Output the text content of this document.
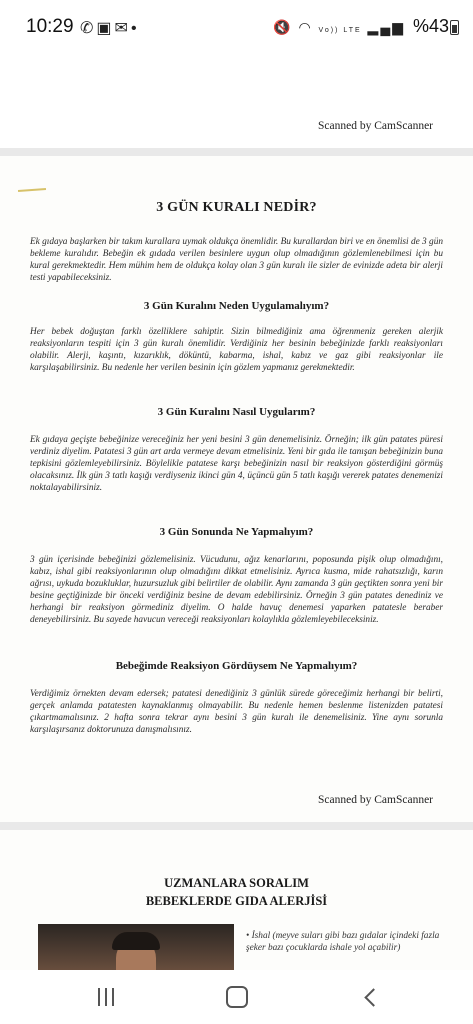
10:29 ✆▣✉•	🔇 ◠ Vo)) LTE ▂▄▆ %43
Scanned by CamScanner
3 GÜN KURALI NEDİR?
Ek gıdaya başlarken bir takım kurallara uymak oldukça önemlidir. Bu kurallardan biri ve en önemlisi de 3 gün bekleme kuralıdır. Bebeğin ek gıdada verilen besinlere uygun olup olmadığının gözlemlenebilmesi için bu kural gerekmektedir. Hem mühim hem de oldukça kolay olan 3 gün kuralı ile sizler de evinizde adeta bir alerji testi yapabileceksiniz.
3 Gün Kuralını Neden Uygulamalıyım?
Her bebek doğuştan farklı özelliklere sahiptir. Sizin bilmediğiniz ama öğrenmeniz gereken alerjik reaksiyonların tespiti için 3 gün kuralı önemlidir. Verdiğiniz her besinin bebeğinizde farklı reaksiyonları olabilir. Alerji, kaşıntı, kızarıklık, döküntü, kabarma, ishal, kabız ve gaz gibi reaksiyonlar ile karşılaşabilirsiniz. Bu nedenle her verilen besinin için gözlem yapmanız gerekmektedir.
3 Gün Kuralını Nasıl Uygularım?
Ek gıdaya geçişte bebeğinize vereceğiniz her yeni besini 3 gün denemelisiniz. Örneğin; ilk gün patates püresi verdiniz diyelim. Patatesi 3 gün art arda vermeye devam etmelisiniz. Yeni bir gıda ile tanışan bebeğinizin buna tepkisini gözlemleyebilirsiniz. Böylelikle patatese karşı bebeğinizin nasıl bir reaksiyon gösterdiğini görmüş olacaksınız. İlk gün 3 tatlı kaşığı verdiyseniz ikinci gün 4, üçüncü gün 5 tatlı kaşığı vererek patates denemenizi noktalayabilirsiniz.
3 Gün Sonunda Ne Yapmalıyım?
3 gün içerisinde bebeğinizi gözlemelisiniz. Vücudunu, ağız kenarlarını, poposunda pişik olup olmadığını, kabız, ishal gibi reaksiyonlarının olup olmadığını dikkat etmelisiniz. Ayrıca kusma, mide rahatsızlığı, karın ağrısı, uykuda bozukluklar, huzursuzluk gibi belirtiler de olabilir. Aynı zamanda 3 gün geçtikten sonra yeni bir besine geçtiğinizde bir önceki verdiğiniz besine de devam edebilirsiniz. Örneğin 3 gün patates denediniz ve herhangi bir reaksiyon görmediniz diyelim. O halde havuç denemesi yaparken patatesle beraber deneyebilirsiniz. Bu sayede havucun vereceği reaksiyonları kolaylıkla gözlemleyebileceksiniz.
Bebeğimde Reaksiyon Gördüysem Ne Yapmalıyım?
Verdiğimiz örnekten devam edersek; patatesi denediğiniz 3 günlük sürede göreceğimiz herhangi bir belirti, gerçek anlamda patatesten kaynaklanmış olmayabilir. Bu nedenle hemen beslenme listenizden patatesi çıkartmamalısınız. 2 hafta sonra tekrar aynı besini 3 gün kuralı ile denemelisiniz. Yine aynı sorunla karşılaşırsanız doktorunuza danışmalısınız.
Scanned by CamScanner
UZMANLARA SORALIM
BEBEKLERDE GIDA ALERJİSİ
• İshal (meyve suları gibi bazı gıdalar içindeki fazla şeker bazı çocuklarda ishale yol açabilir)
